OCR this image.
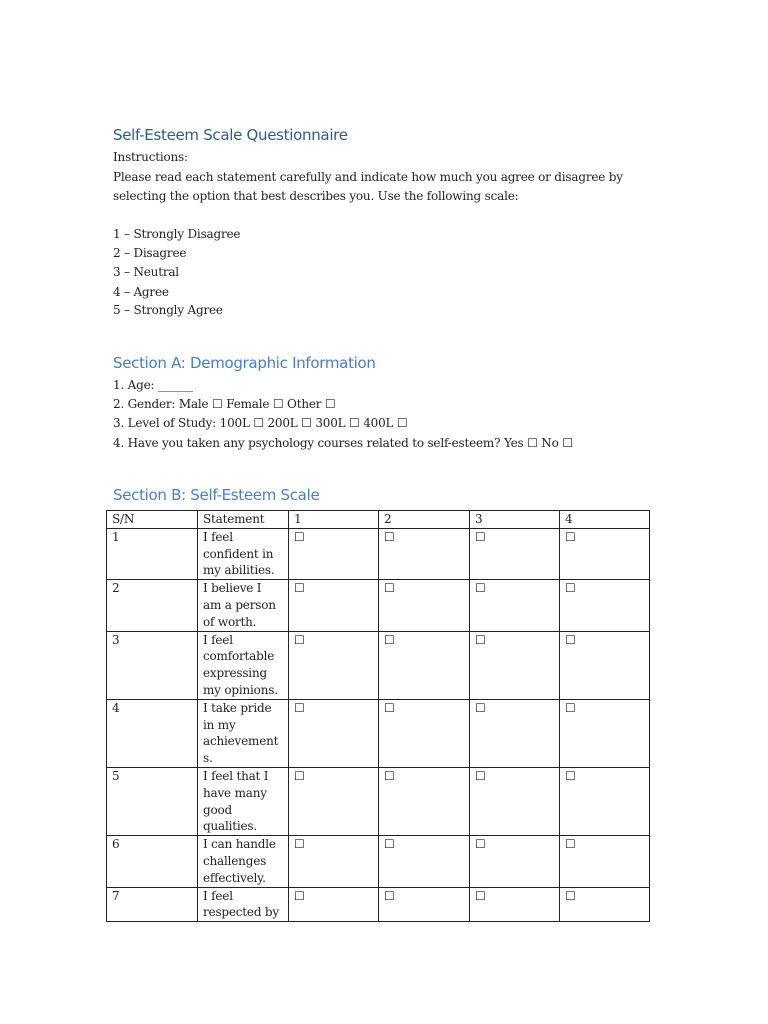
Self-Esteem Scale Questionnaire
Instructions:
Please read each statement carefully and indicate how much you agree or disagree by
selecting the option that best describes you. Use the following scale:
1 – Strongly Disagree
2 – Disagree
3 – Neutral
4 – Agree
5 – Strongly Agree
Section A: Demographic Information
1. Age: ______
2. Gender: Male ☐ Female ☐ Other ☐
3. Level of Study: 100L ☐ 200L ☐ 300L ☐ 400L ☐
4. Have you taken any psychology courses related to self-esteem? Yes ☐ No ☐
Section B: Self-Esteem Scale
S/N	Statement	1	2	3	4
1	I feel confident in my abilities.	☐	☐	☐	☐
2	I believe I am a person of worth.	☐	☐	☐	☐
3	I feel comfortable expressing my opinions.	☐	☐	☐	☐
4	I take pride in my achievements.	☐	☐	☐	☐
5	I feel that I have many good qualities.	☐	☐	☐	☐
6	I can handle challenges effectively.	☐	☐	☐	☐
7	I feel respected by	☐	☐	☐	☐
